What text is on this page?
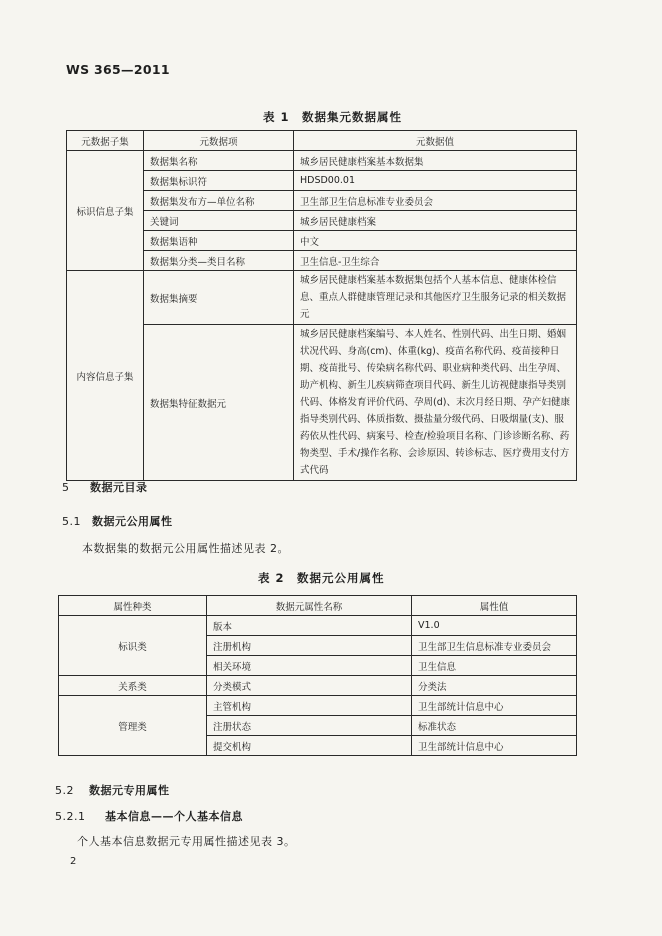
WS 365—2011
表 1　数据集元数据属性
元数据子集	元数据项	元数据值
标识信息子集	数据集名称	城乡居民健康档案基本数据集
	数据集标识符	HDSD00.01
	数据集发布方—单位名称	卫生部卫生信息标准专业委员会
	关键词	城乡居民健康档案
	数据集语种	中文
	数据集分类—类目名称	卫生信息-卫生综合
内容信息子集	数据集摘要	城乡居民健康档案基本数据集包括个人基本信息、健康体检信息、重点人群健康管理记录和其他医疗卫生服务记录的相关数据元
	数据集特征数据元	城乡居民健康档案编号、本人姓名、性别代码、出生日期、婚姻状况代码、身高(cm)、体重(kg)、疫苗名称代码、疫苗接种日期、疫苗批号、传染病名称代码、职业病种类代码、出生孕周、助产机构、新生儿疾病筛查项目代码、新生儿访视健康指导类别代码、体格发育评价代码、孕周(d)、末次月经日期、孕产妇健康指导类别代码、体质指数、摄盐量分级代码、日吸烟量(支)、服药依从性代码、病案号、检查/检验项目名称、门诊诊断名称、药物类型、手术/操作名称、会诊原因、转诊标志、医疗费用支付方式代码
5 数据元目录
5.1 数据元公用属性
本数据集的数据元公用属性描述见表 2。
表 2　数据元公用属性
属性种类	数据元属性名称	属性值
标识类	版本	V1.0
	注册机构	卫生部卫生信息标准专业委员会
	相关环境	卫生信息
关系类	分类模式	分类法
管理类	主管机构	卫生部统计信息中心
	注册状态	标准状态
	提交机构	卫生部统计信息中心
5.2 数据元专用属性
5.2.1 基本信息——个人基本信息
个人基本信息数据元专用属性描述见表 3。
2
